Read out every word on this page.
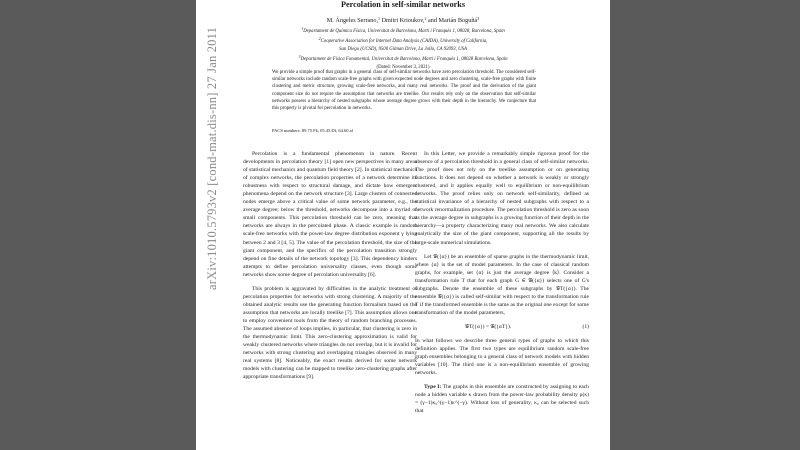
Percolation in self-similar networks
M. Ángeles Serrano,$^1$ Dmitri Krioukov,$^2$ and Marián Boguñá$^3$
$^1$Departament de Química Física, Universitat de Barcelona, Martí i Franquès 1, 08028, Barcelona, Spain
$^2$Cooperative Association for Internet Data Analysis (CAIDA), University of California,
San Diego (UCSD), 9500 Gilman Drive, La Jolla, CA 92093, USA
$^3$Departament de Física Fonamental, Universitat de Barcelona, Martí i Franquès 1, 08028 Barcelona, Spain
(Dated: November 3, 2021)
We provide a simple proof that graphs in a general class of self-similar networks have zero percolation threshold. The considered self-similar networks include random scale-free graphs with given expected node degrees and zero clustering, scale-free graphs with finite clustering and metric structure, growing scale-free networks, and many real networks. The proof and the derivation of the giant component size do not require the assumption that networks are treelike. Our results rely only on the observation that self-similar networks possess a hierarchy of nested subgraphs whose average degree grows with their depth in the hierarchy. We conjecture that this property is pivotal for percolation in networks.
PACS numbers: 89.75.Fk, 05.45.Df, 64.60.al

Percolation is a fundamental phenomenon in nature. Recent developments in percolation theory [1] open new perspectives in many areas of statistical mechanics and quantum field theory [2]. In statistical mechanics of complex networks, the percolation properties of a network determine its robustness with respect to structural damage, and dictate how emergent phenomena depend on the network structure [3]. Large clusters of connected nodes emerge above a critical value of some network parameter, e.g., the average degree; below the threshold, networks decompose into a myriad of small components. This percolation threshold can be zero, meaning that networks are always in the percolated phase. A classic example is random scale-free networks with the power-law degree distribution exponent γ lying between 2 and 3 [4, 5]. The value of the percolation threshold, the size of the giant component, and the specifics of the percolation transition strongly depend on fine details of the network topology [3]. This dependency hinders attempts to define percolation universality classes, even though some networks show some degree of percolation universality [6].

This problem is aggravated by difficulties in the analytic treatment of percolation properties for networks with strong clustering. A majority of the obtained analytic results use the generating function formalism based on the assumption that networks are locally treelike [7]. This assumption allows one to employ convenient tools from the theory of random branching processes. The assumed absence of loops implies, in particular, that clustering is zero in the thermodynamic limit. This zero-clustering approximation is valid for weakly clustered networks where triangles do not overlap, but it is invalid for networks with strong clustering and overlapping triangles observed in many real systems [8]. Noticeably, the exact results derived for some network models with clustering can be mapped to treelike zero-clustering graphs after appropriate transformations [9].

In this Letter, we provide a remarkably simple rigorous proof for the absence of a percolation threshold in a general class of self-similar networks. The proof does not rely on the treelike assumption or on generating functions. It does not depend on whether a network is weakly or strongly clustered, and it applies equally well to equilibrium or non-equilibrium networks. The proof relies only on network self-similarity, defined as statistical invariance of a hierarchy of nested subgraphs with respect to a network renormalization procedure. The percolation threshold is zero as soon as the average degree in subgraphs is a growing function of their depth in the hierarchy—a property characterizing many real networks. We also calculate analytically the size of the giant component, supporting all the results by large-scale numerical simulations.

Let 𝒢({α}) be an ensemble of sparse graphs in the thermodynamic limit, where {α} is the set of model parameters. In the case of classical random graphs, for example, set {α} is just the average degree ⟨k⟩. Consider a transformation rule T that for each graph G ∈ 𝒢({α}) selects one of G's subgraphs. Denote the ensemble of these subgraphs by 𝒢T({α}). The ensemble 𝒢({α}) is called self-similar with respect to the transformation rule T if the transformed ensemble is the same as the original one except for some transformation of the model parameters,

𝒢T({α}) = 𝒢({αT}).	(1)

In what follows we describe three general types of graphs to which this definition applies. The first two types are equilibrium random scale-free graph ensembles belonging to a general class of network models with hidden variables [10]. The third one is a non-equilibrium ensemble of growing networks.

Type I: The graphs in this ensemble are constructed by assigning to each node a hidden variable κ drawn from the power-law probability density ρ(κ) = (γ−1)κ₀^(γ−1)κ^(−γ). Without loss of generality, κ₀ can be selected such that

arXiv:1010.5793v2 [cond-mat.dis-nn] 27 Jan 2011
